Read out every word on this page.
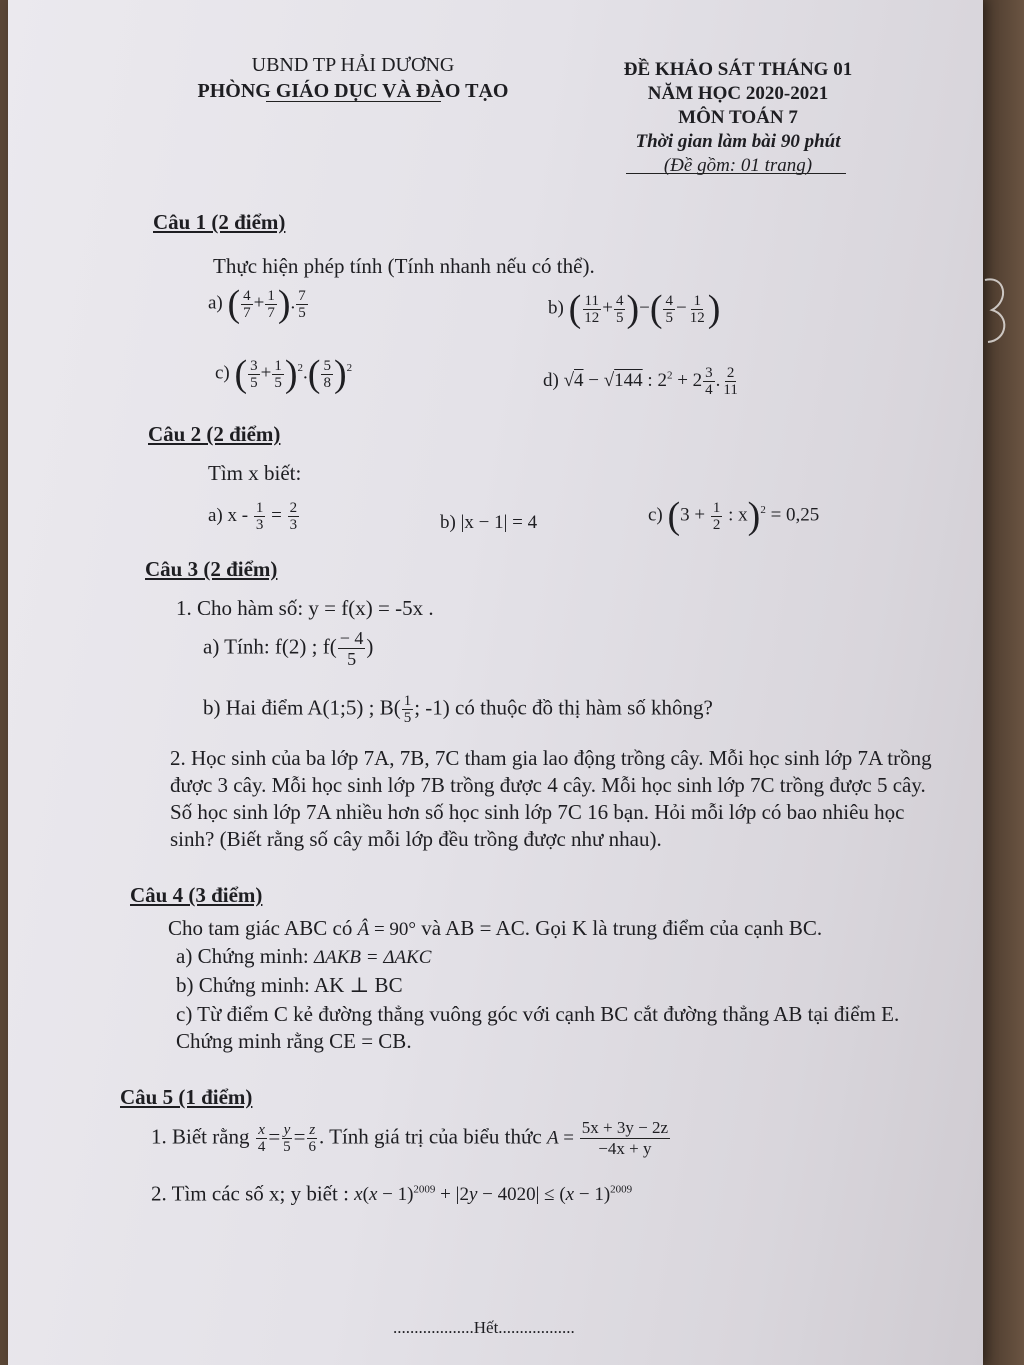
UBND TP HẢI DƯƠNG
PHÒNG GIÁO DỤC VÀ ĐÀO TẠO
ĐỀ KHẢO SÁT THÁNG 01
NĂM HỌC 2020-2021
MÔN TOÁN 7
Thời gian làm bài 90 phút
(Đề gồm: 01 trang)
Câu 1 (2 điểm)
Thực hiện phép tính (Tính nhanh nếu có thể).
a) ( $\frac{4}{7} + \frac{1}{7}$ ). $\frac{7}{5}$	b) ( $\frac{11}{12} + \frac{4}{5}$ )−( $\frac{4}{5} - \frac{1}{12}$ )
c) ( $\frac{3}{5} + \frac{1}{5} )^2.( \frac{5}{8} )^2$
d) √4 − √144 : $2^2 + 2 \frac{3}{4}$ . $\frac{2}{11}$
Câu 2 (2 điểm)
Tìm x biết:
a) $x - \frac{1}{3} = \frac{2}{3}$	b) |x − 1| = 4	c) ($3 + \frac{1}{2}$ : x)$^2$ = 0,25
Câu 3 (2 điểm)
1. Cho hàm số: y = f(x) = -5x .
a) Tính: f(2) ; $f( \frac{- 4}{5}$ )
b) Hai điểm A(1;5) ; $B( \frac{1}{5}$ ; -1) có thuộc đồ thị hàm số không?
2. Học sinh của ba lớp 7A, 7B, 7C tham gia lao động trồng cây. Mỗi học sinh lớp 7A trồng được 3 cây. Mỗi học sinh lớp 7B trồng được 4 cây. Mỗi học sinh lớp 7C trồng được 5 cây. Số học sinh lớp 7A nhiều hơn số học sinh lớp 7C 16 bạn. Hỏi mỗi lớp có bao nhiêu học sinh? (Biết rằng số cây mỗi lớp đều trồng được như nhau).
Câu 4 (3 điểm)
Cho tam giác ABC có Â = 90° và AB = AC. Gọi K là trung điểm của cạnh BC.
a) Chứng minh: ΔAKB = ΔAKC
b) Chứng minh: AK ⊥ BC
c) Từ điểm C kẻ đường thẳng vuông góc với cạnh BC cắt đường thẳng AB tại điểm E. Chứng minh rằng CE = CB.
Câu 5 (1 điểm)
1. Biết rằng $\frac{x}{4} = \frac{y}{5} = \frac{z}{6}$ . Tính giá trị của biểu thức $A = \frac{5x + 3y - 2z}{-4x + y}$
2. Tìm các số x; y biết : $x(x - 1)^{2009} + |2y - 4020| \le (x - 1)^{2009}$
...................Hết..................
